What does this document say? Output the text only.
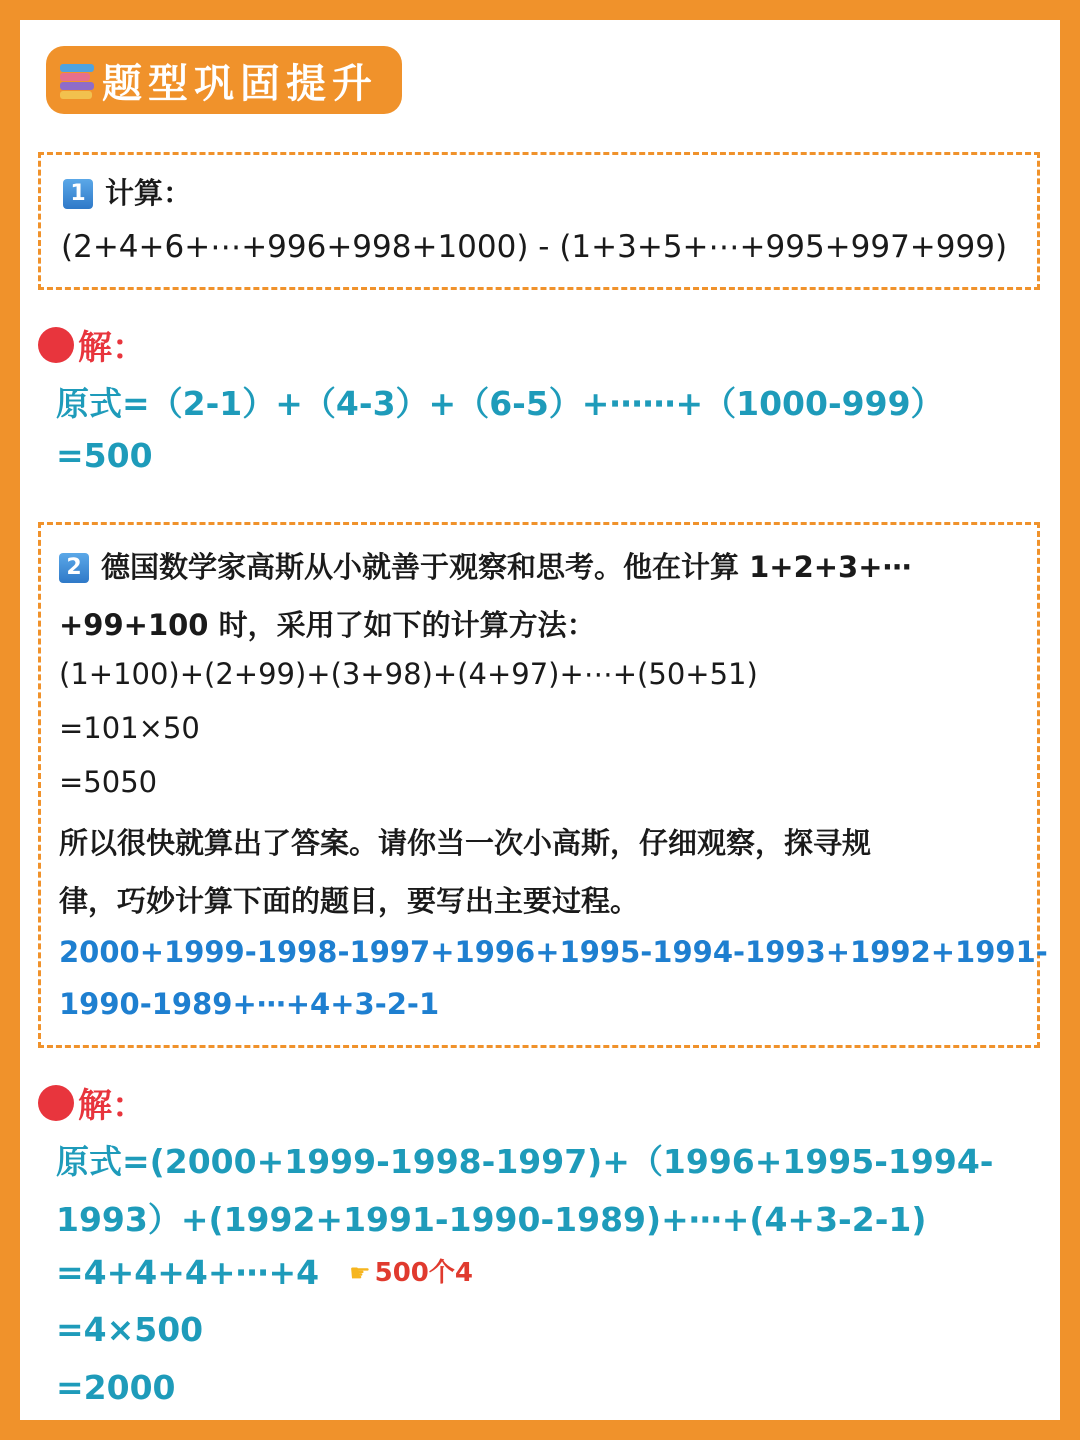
题型巩固提升
1 计算：
(2+4+6+⋯+996+998+1000) - (1+3+5+⋯+995+997+999)
解：
原式=（2-1）+（4-3）+（6-5）+⋯⋯+（1000-999）
=500
2 德国数学家高斯从小就善于观察和思考。他在计算 1+2+3+⋯
+99+100 时，采用了如下的计算方法：
(1+100)+(2+99)+(3+98)+(4+97)+⋯+(50+51)
=101×50
=5050
所以很快就算出了答案。请你当一次小高斯，仔细观察，探寻规
律，巧妙计算下面的题目，要写出主要过程。
2000+1999-1998-1997+1996+1995-1994-1993+1992+1991-
1990-1989+⋯+4+3-2-1
解：
原式=(2000+1999-1998-1997)+（1996+1995-1994-
1993）+(1992+1991-1990-1989)+⋯+(4+3-2-1)
=4+4+4+⋯+4 ☛ 500个4
=4×500
=2000
